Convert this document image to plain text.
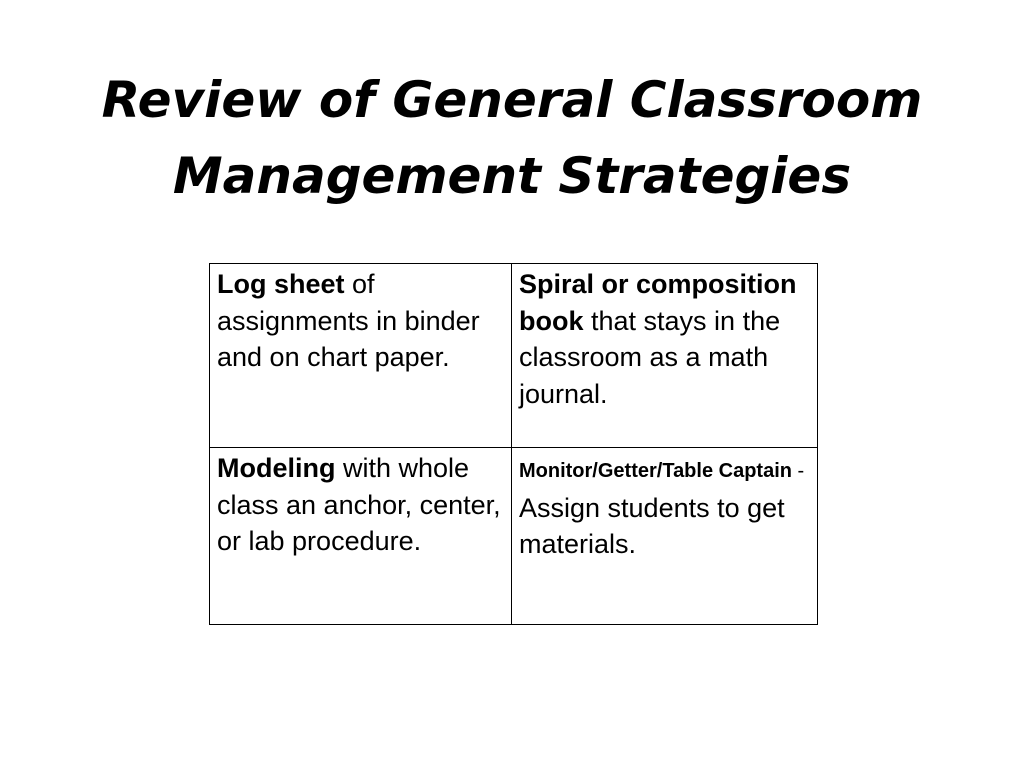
Review of General Classroom
Management Strategies
Log sheet of assignments in binder and on chart paper.	Spiral or composition book that stays in the classroom as a math journal.

Modeling with whole class an anchor, center, or lab procedure.	Monitor/Getter/Table Captain - Assign students to get materials.
